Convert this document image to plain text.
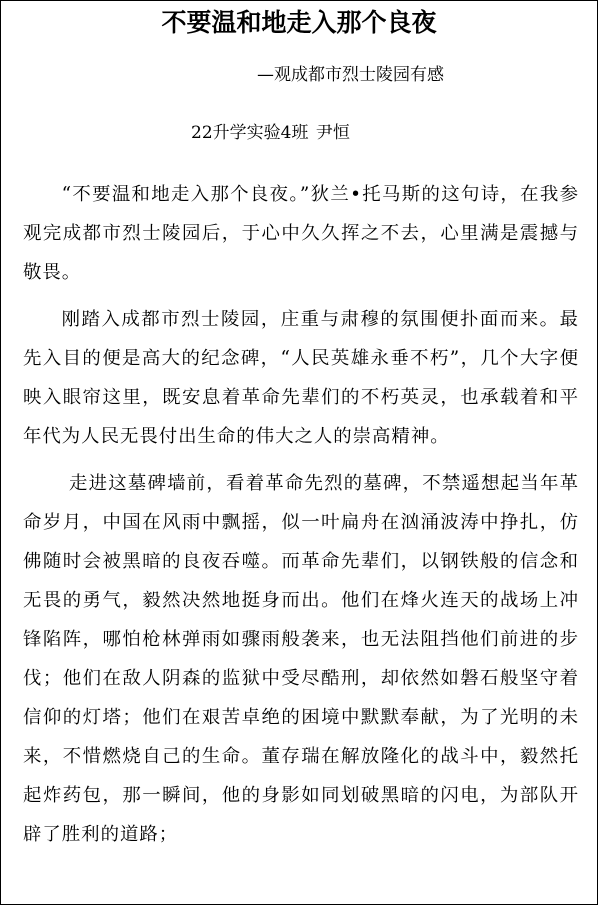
不要温和地走入那个良夜
—观成都市烈士陵园有感
22升学实验4班 尹恒

“不要温和地走入那个良夜。”狄兰•托马斯的这句诗，在我参观完成都市烈士陵园后，于心中久久挥之不去，心里满是震撼与敬畏。

刚踏入成都市烈士陵园，庄重与肃穆的氛围便扑面而来。最先入目的便是高大的纪念碑，“人民英雄永垂不朽”，几个大字便映入眼帘这里，既安息着革命先辈们的不朽英灵，也承载着和平年代为人民无畏付出生命的伟大之人的崇高精神。

走进这墓碑墙前，看着革命先烈的墓碑，不禁遥想起当年革命岁月，中国在风雨中飘摇，似一叶扁舟在汹涌波涛中挣扎，仿佛随时会被黑暗的良夜吞噬。而革命先辈们，以钢铁般的信念和无畏的勇气，毅然决然地挺身而出。他们在烽火连天的战场上冲锋陷阵，哪怕枪林弹雨如骤雨般袭来，也无法阻挡他们前进的步伐；他们在敌人阴森的监狱中受尽酷刑，却依然如磐石般坚守着信仰的灯塔；他们在艰苦卓绝的困境中默默奉献，为了光明的未来，不惜燃烧自己的生命。董存瑞在解放隆化的战斗中，毅然托起炸药包，那一瞬间，他的身影如同划破黑暗的闪电，为部队开辟了胜利的道路；
